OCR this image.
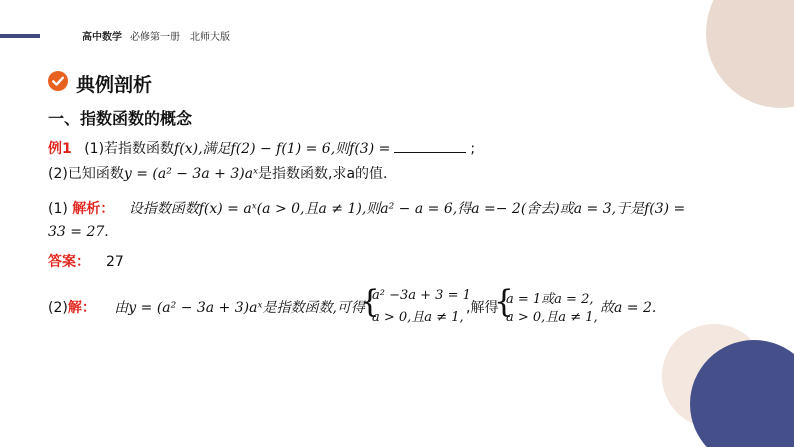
高中数学 必修第一册 北师大版
典例剖析
一、指数函数的概念
例1 (1)若指数函数f(x),满足f(2) − f(1) = 6,则f(3) =	;
(2)已知函数y = (a² − 3a + 3)aˣ是指数函数,求a的值.
(1) 解析： 设指数函数f(x) = aˣ(a > 0,且a ≠ 1),则a² − a = 6,得a =− 2(舍去)或a = 3,于是f(3) =
33 = 27.
答案： 27
(2)解： 由y = (a² − 3a + 3)aˣ是指数函数,可得
{
a² −3a + 3 = 1
a > 0,且a ≠ 1,
,解得
{
a = 1或a = 2,
a > 0,且a ≠ 1,
故a = 2.
